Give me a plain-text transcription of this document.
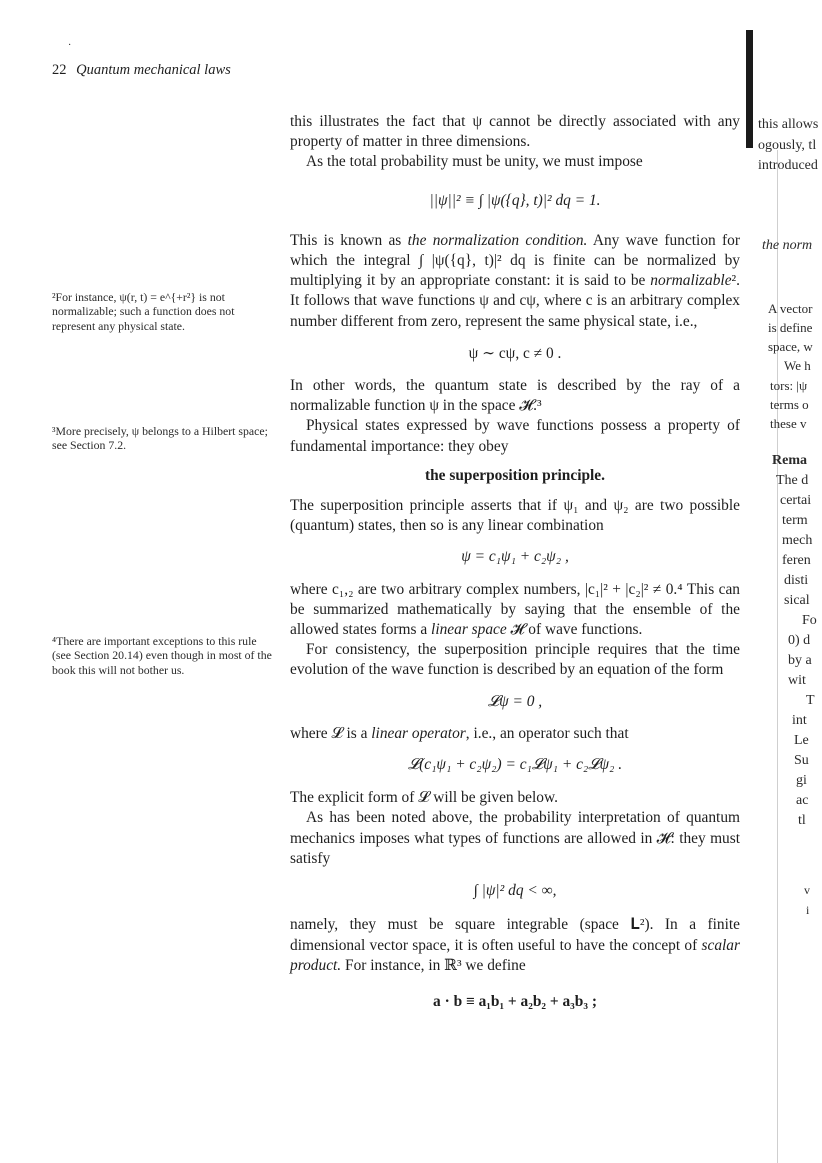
·
22 Quantum mechanical laws

this illustrates the fact that ψ cannot be directly associated with any property of matter in three dimensions.

As the total probability must be unity, we must impose

||ψ||² ≡ ∫ |ψ({q}, t)|² dq = 1.

This is known as the normalization condition. Any wave function for which the integral ∫ |ψ({q}, t)|² dq is finite can be normalized by multiplying it by an appropriate constant: it is said to be normalizable². It follows that wave functions ψ and cψ, where c is an arbitrary complex number different from zero, represent the same physical state, i.e.,

ψ ∼ cψ, c ≠ 0 .

In other words, the quantum state is described by the ray of a normalizable function ψ in the space 𝓗.³

Physical states expressed by wave functions possess a property of fundamental importance: they obey

the superposition principle.

The superposition principle asserts that if ψ₁ and ψ₂ are two possible (quantum) states, then so is any linear combination

ψ = c₁ψ₁ + c₂ψ₂ ,

where c₁,₂ are two arbitrary complex numbers, |c₁|² + |c₂|² ≠ 0.⁴ This can be summarized mathematically by saying that the ensemble of the allowed states forms a linear space 𝓗 of wave functions.

For consistency, the superposition principle requires that the time evolution of the wave function is described by an equation of the form

𝓛ψ = 0 ,

where 𝓛 is a linear operator, i.e., an operator such that

𝓛(c₁ψ₁ + c₂ψ₂) = c₁𝓛ψ₁ + c₂𝓛ψ₂ .

The explicit form of 𝓛 will be given below.

As has been noted above, the probability interpretation of quantum mechanics imposes what types of functions are allowed in 𝓗: they must satisfy

∫ |ψ|² dq < ∞,

namely, they must be square integrable (space 𝐋²). In a finite dimensional vector space, it is often useful to have the concept of scalar product. For instance, in ℝ³ we define

a · b ≡ a₁b₁ + a₂b₂ + a₃b₃ ;

²For instance, ψ(r, t) = e^{+r²} is not normalizable; such a function does not represent any physical state.
³More precisely, ψ belongs to a Hilbert space; see Section 7.2.
⁴There are important exceptions to this rule (see Section 20.14) even though in most of the book this will not bother us.
this allows
ogously, tl
introduced
the norm
A vector
is define
space, w
We h
tors: |ψ
terms o
these v
Rema
The d
certai
term
mech
feren
disti
sical
Fo
0) d
by a
wit
T
int
Le
Su
gi
ac
tl
v
i
